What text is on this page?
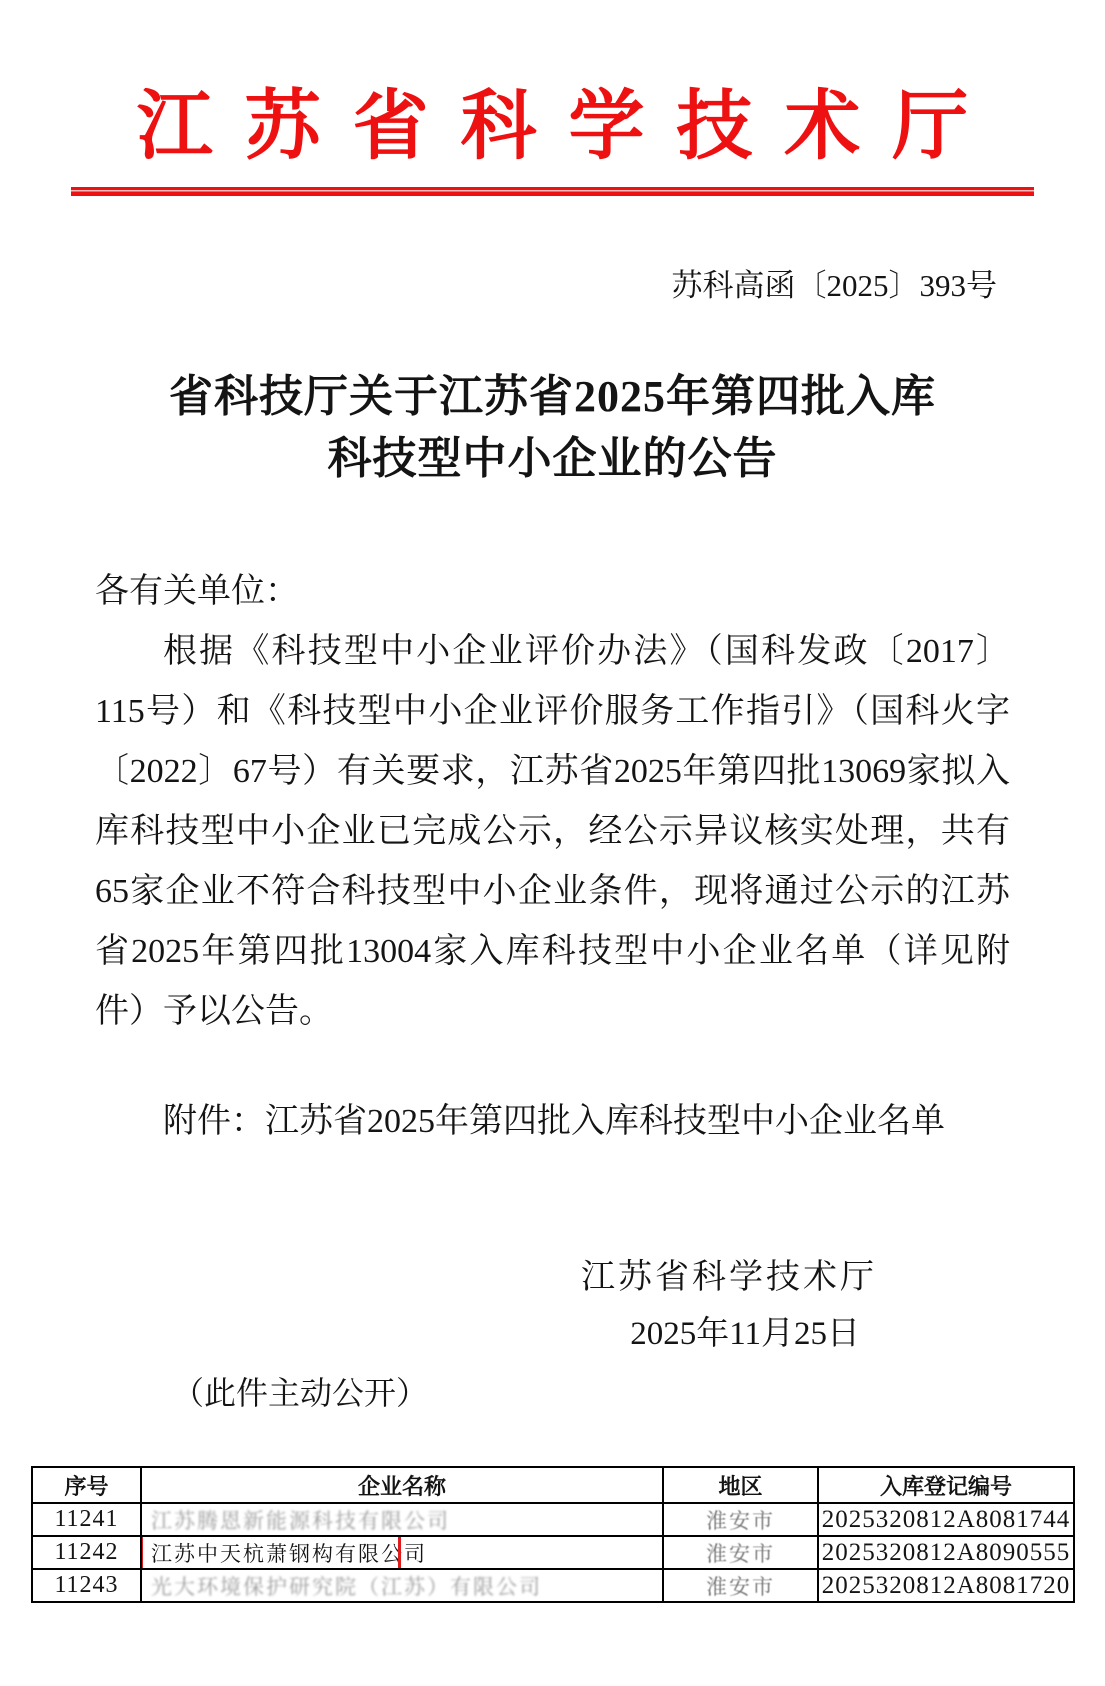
江苏省科学技术厅
苏科高函〔2025〕393号
省科技厅关于江苏省2025年第四批入库
科技型中小企业的公告
各有关单位：

根据《科技型中小企业评价办法》（国科发政〔2017〕115号）和《科技型中小企业评价服务工作指引》（国科火字〔2022〕67号）有关要求，江苏省2025年第四批13069家拟入库科技型中小企业已完成公示，经公示异议核实处理，共有65家企业不符合科技型中小企业条件，现将通过公示的江苏省2025年第四批13004家入库科技型中小企业名单（详见附件）予以公告。

附件：江苏省2025年第四批入库科技型中小企业名单
江苏省科学技术厅
2025年11月25日
（此件主动公开）
序号	企业名称	地区	入库登记编号
11241	江苏腾恩新能源科技有限公司	淮安市	2025320812A8081744
11242	江苏中天杭萧钢构有限公司	淮安市	2025320812A8090555
11243	光大环境保护研究院（江苏）有限公司	淮安市	2025320812A8081720
